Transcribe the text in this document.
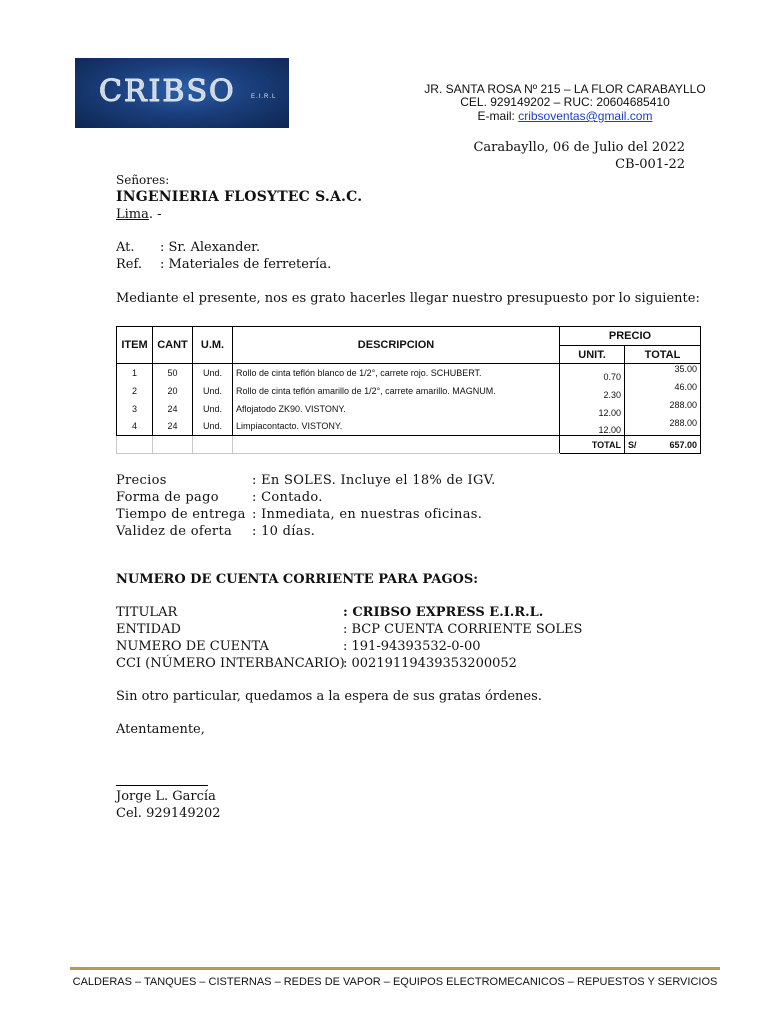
CRIBSO	E.I.R.L
JR. SANTA ROSA Nº 215 – LA FLOR CARABAYLLO
CEL. 929149202 – RUC: 20604685410
E-mail: cribsoventas@gmail.com
Carabayllo, 06 de Julio del 2022
CB-001-22
Señores:
INGENIERIA FLOSYTEC S.A.C.
Lima. -
At. : Sr. Alexander.
Ref. : Materiales de ferretería.
Mediante el presente, nos es grato hacerles llegar nuestro presupuesto por lo siguiente:
ITEM	CANT	U.M.	DESCRIPCION	PRECIO	
				UNIT.	TOTAL
1	50	Und.	Rollo de cinta teflón blanco de 1/2°, carrete rojo. SCHUBERT.	0.70	35.00
2	20	Und.	Rollo de cinta teflón amarillo de 1/2°, carrete amarillo. MAGNUM.	2.30	46.00
3	24	Und.	Aflojatodo ZK90. VISTONY.	12.00	288.00
4	24	Und.	Limpiacontacto. VISTONY.	12.00	288.00
				TOTAL	S/ 657.00
Precios	: En SOLES. Incluye el 18% de IGV.
Forma de pago	: Contado.
Tiempo de entrega : Inmediata, en nuestras oficinas.
Validez de oferta : 10 días.
NUMERO DE CUENTA CORRIENTE PARA PAGOS:
TITULAR	: CRIBSO EXPRESS E.I.R.L.
ENTIDAD	: BCP CUENTA CORRIENTE SOLES
NUMERO DE CUENTA	: 191-94393532-0-00
CCI (NÚMERO INTERBANCARIO)
: 00219119439353200052
Sin otro particular, quedamos a la espera de sus gratas órdenes.
Atentamente,
Jorge L. García
Cel. 929149202
CALDERAS – TANQUES – CISTERNAS – REDES DE VAPOR – EQUIPOS ELECTROMECANICOS – REPUESTOS Y SERVICIOS
